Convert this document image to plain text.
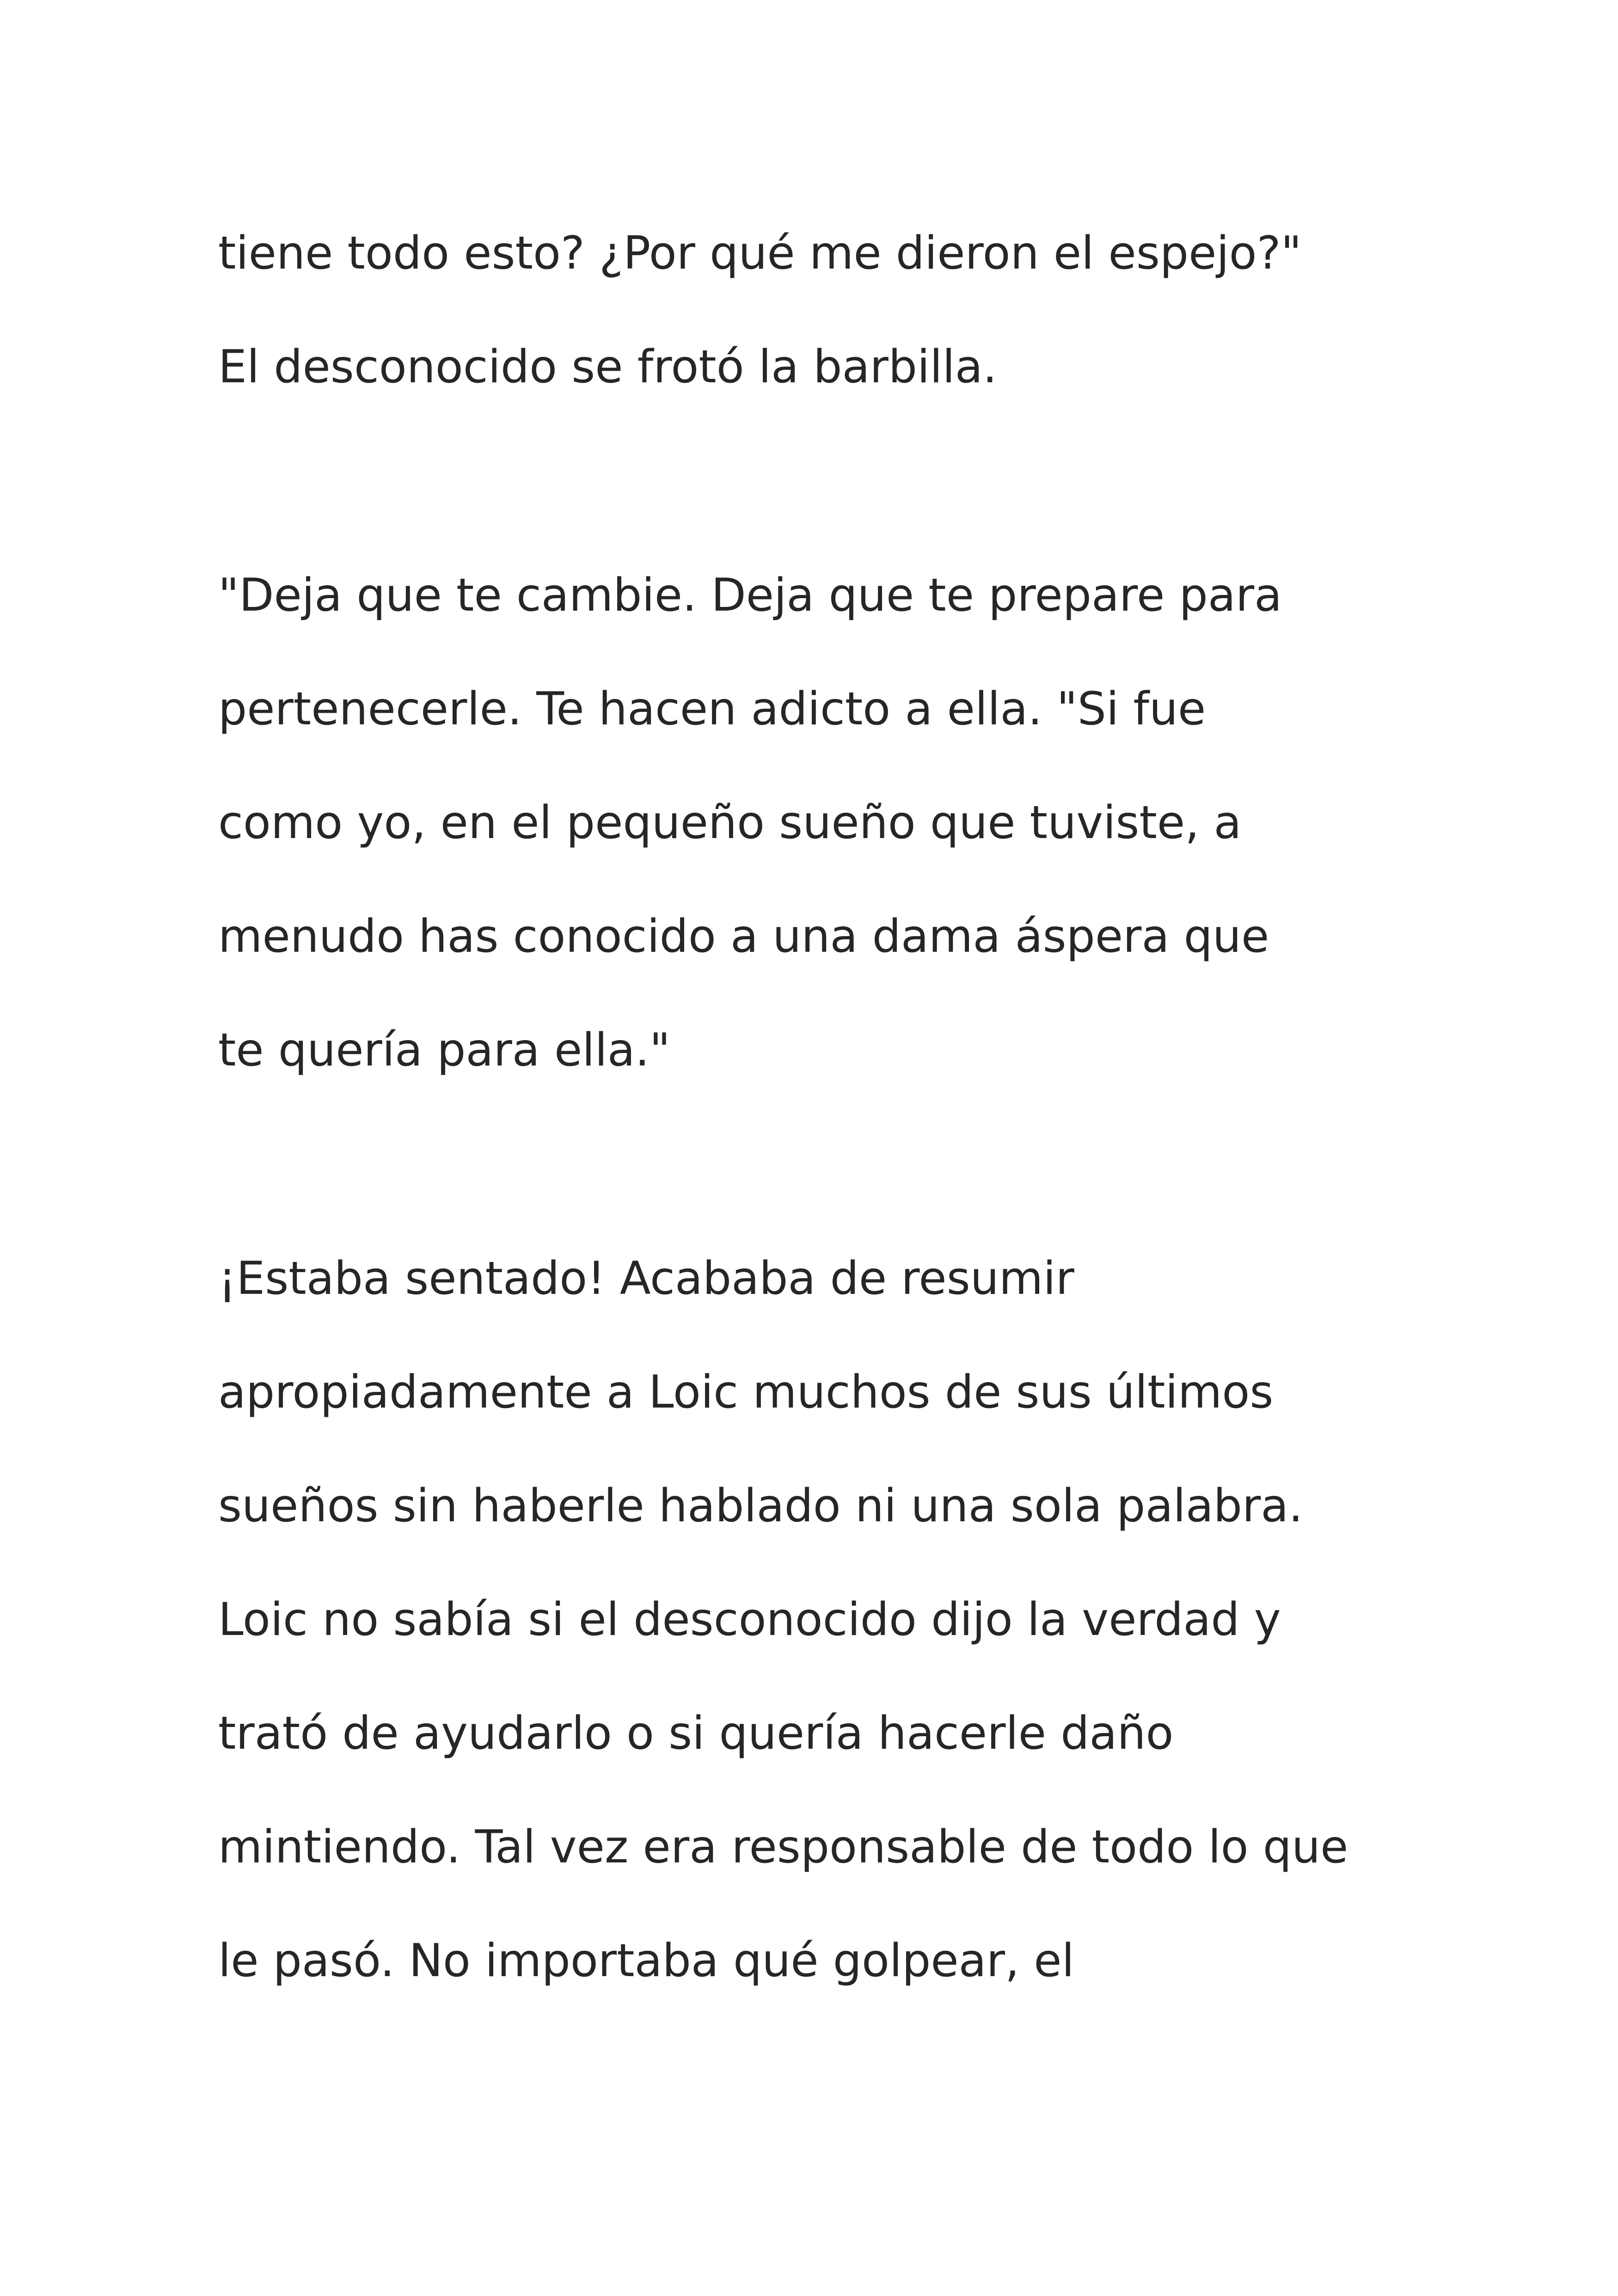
tiene todo esto? ¿Por qué me dieron el espejo?"

El desconocido se frotó la barbilla.

"Deja que te cambie. Deja que te prepare para

pertenecerle. Te hacen adicto a ella. "Si fue

como yo, en el pequeño sueño que tuviste, a

menudo has conocido a una dama áspera que

te quería para ella."

¡Estaba sentado! Acababa de resumir

apropiadamente a Loic muchos de sus últimos

sueños sin haberle hablado ni una sola palabra.

Loic no sabía si el desconocido dijo la verdad y

trató de ayudarlo o si quería hacerle daño

mintiendo. Tal vez era responsable de todo lo que

le pasó. No importaba qué golpear, el
